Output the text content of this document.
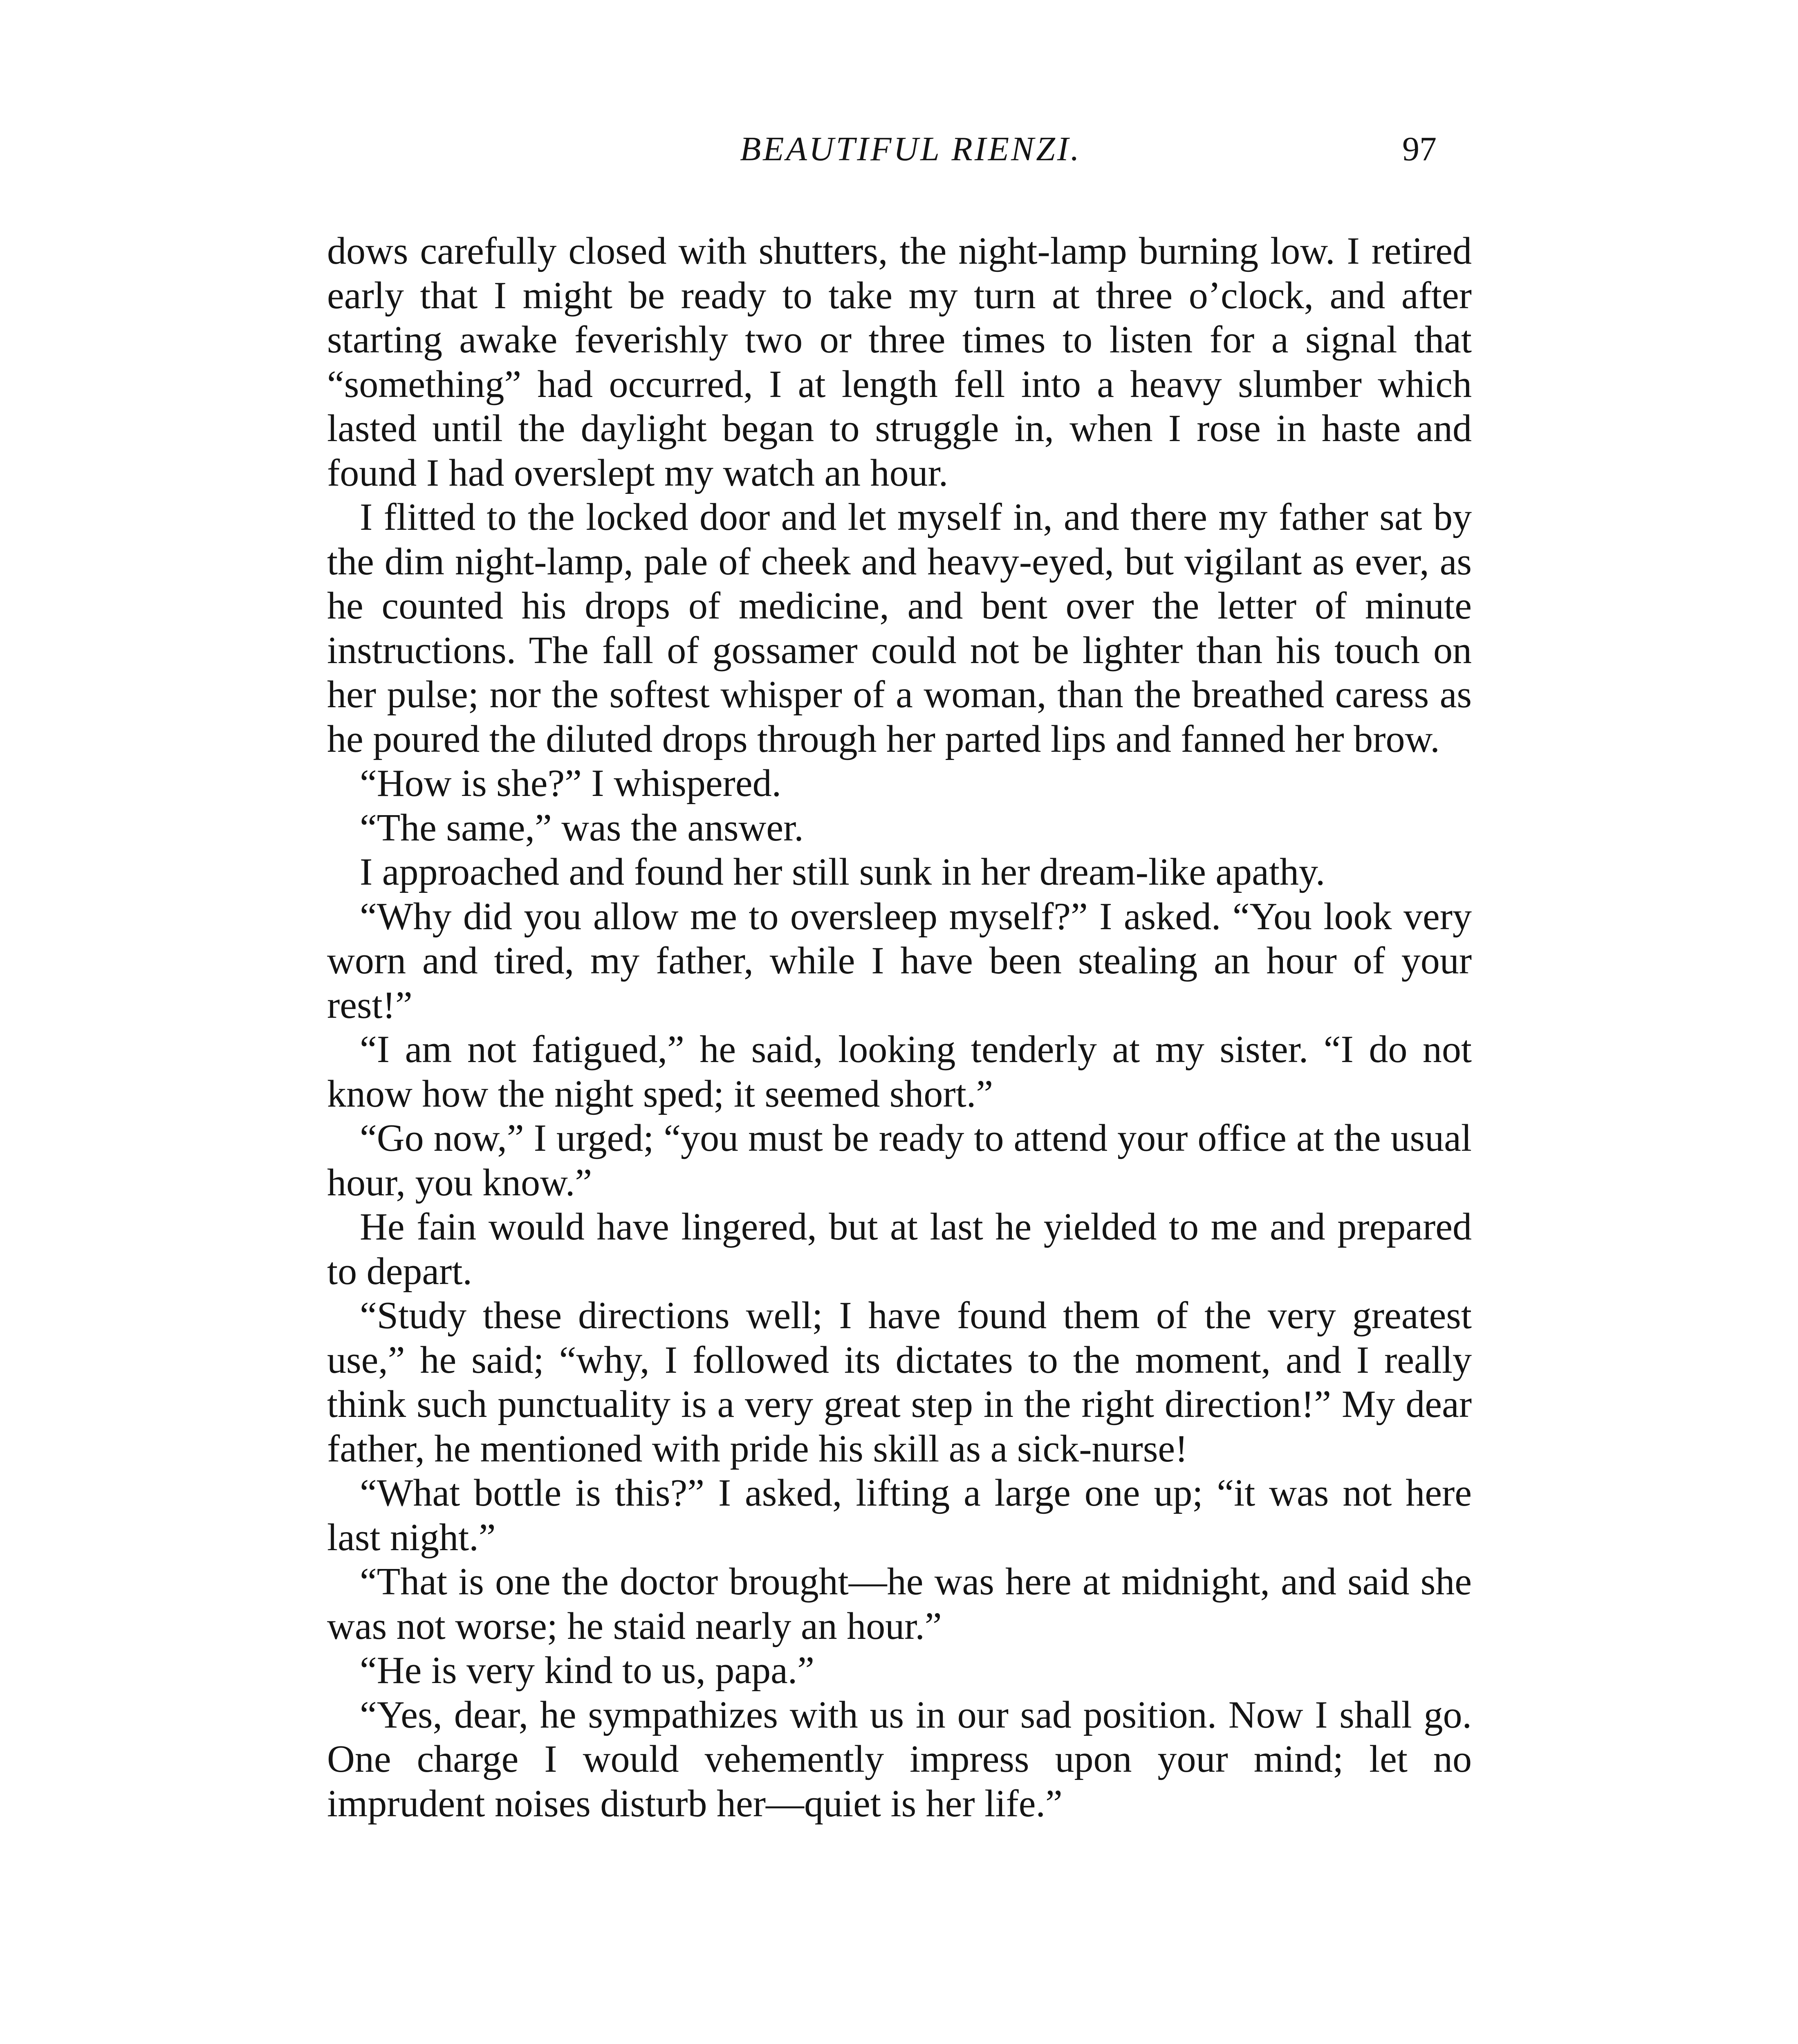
BEAUTIFUL RIENZI.	97

dows carefully closed with shutters, the night-lamp burning low. I retired early that I might be ready to take my turn at three o’clock, and after starting awake feverishly two or three times to listen for a signal that “something” had occurred, I at length fell into a heavy slumber which lasted until the daylight began to struggle in, when I rose in haste and found I had overslept my watch an hour.

I flitted to the locked door and let myself in, and there my father sat by the dim night-lamp, pale of cheek and heavy-eyed, but vigilant as ever, as he counted his drops of medicine, and bent over the letter of minute instructions. The fall of gossamer could not be lighter than his touch on her pulse; nor the softest whisper of a woman, than the breathed caress as he poured the diluted drops through her parted lips and fanned her brow.

“How is she?” I whispered.

“The same,” was the answer.

I approached and found her still sunk in her dream-like apathy.

“Why did you allow me to oversleep myself?” I asked. “You look very worn and tired, my father, while I have been stealing an hour of your rest!”

“I am not fatigued,” he said, looking tenderly at my sister. “I do not know how the night sped; it seemed short.”

“Go now,” I urged; “you must be ready to attend your office at the usual hour, you know.”

He fain would have lingered, but at last he yielded to me and prepared to depart.

“Study these directions well; I have found them of the very greatest use,” he said; “why, I followed its dictates to the moment, and I really think such punctuality is a very great step in the right direction!” My dear father, he mentioned with pride his skill as a sick-nurse!

“What bottle is this?” I asked, lifting a large one up; “it was not here last night.”

“That is one the doctor brought—he was here at midnight, and said she was not worse; he staid nearly an hour.”

“He is very kind to us, papa.”

“Yes, dear, he sympathizes with us in our sad position. Now I shall go. One charge I would vehemently impress upon your mind; let no imprudent noises disturb her—quiet is her life.”
